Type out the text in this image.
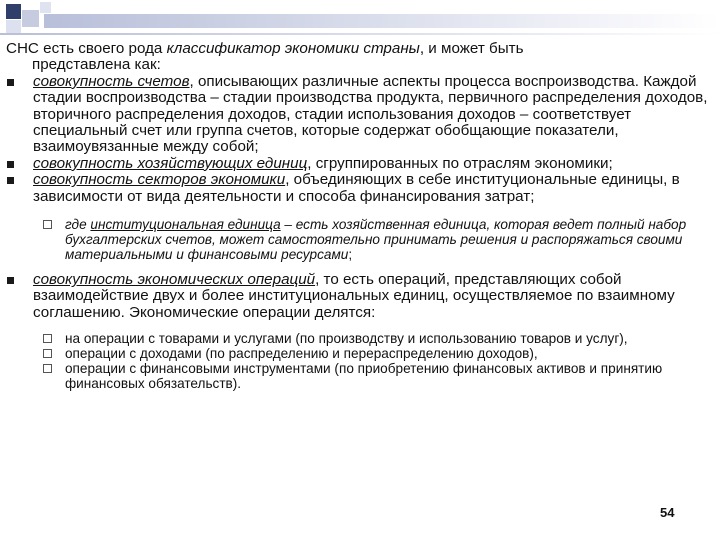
СНС есть своего рода классификатор экономики страны, и может быть
представлена как:

совокупность счетов, описывающих различные аспекты процесса воспроизводства. Каждой стадии воспроизводства – стадии производства продукта, первичного распределения доходов, вторичного распределения доходов, стадии использования доходов – соответствует специальный счет или группа счетов, которые содержат обобщающие показатели, взаимоувязанные между собой;

совокупность хозяйствующих единиц, сгруппированных по отраслям экономики;

совокупность секторов экономики, объединяющих в себе институциональные единицы, в зависимости от вида деятельности и способа финансирования затрат;

где институциональная единица – есть хозяйственная единица, которая ведет полный набор бухгалтерских счетов, может самостоятельно принимать решения и распоряжаться своими материальными и финансовыми ресурсами;

совокупность экономических операций, то есть операций, представляющих собой взаимодействие двух и более институциональных единиц, осуществляемое по взаимному соглашению. Экономические операции делятся:

на операции с товарами и услугами (по производству и использованию товаров и услуг),

операции с доходами (по распределению и перераспределению доходов),

операции с финансовыми инструментами (по приобретению финансовых активов и принятию финансовых обязательств).

54
